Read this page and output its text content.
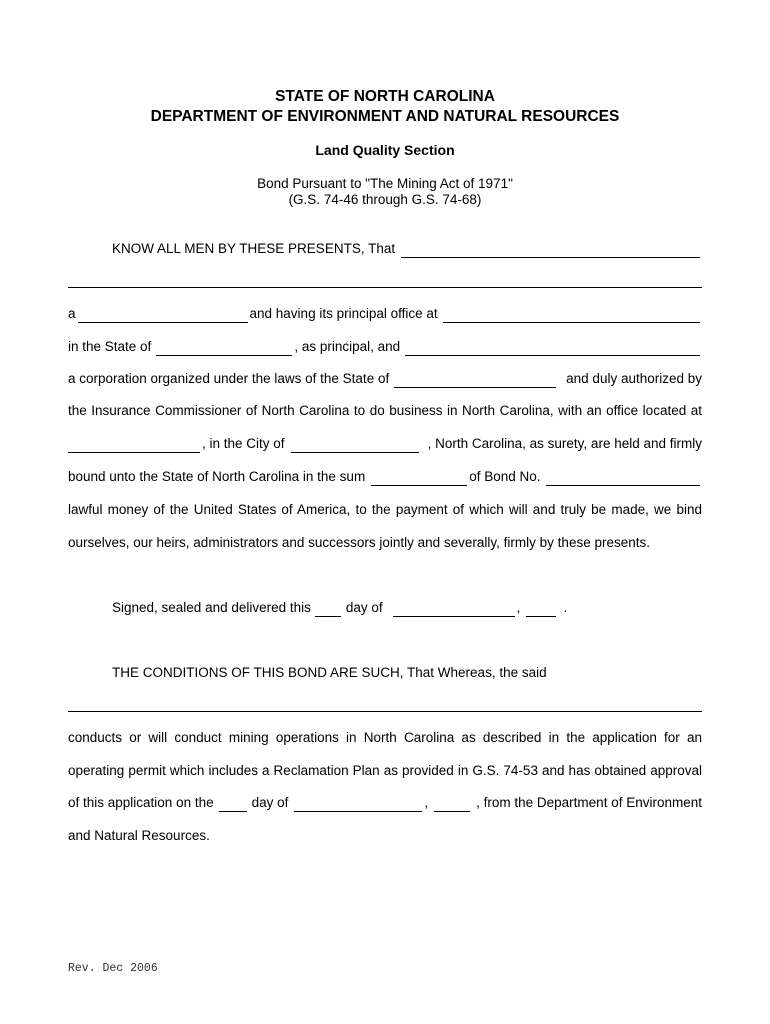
STATE OF NORTH CAROLINA
DEPARTMENT OF ENVIRONMENT AND NATURAL RESOURCES
Land Quality Section
Bond Pursuant to "The Mining Act of 1971"
(G.S. 74-46 through G.S. 74-68)
KNOW ALL MEN BY THESE PRESENTS, That
a	and having its principal office at
in the State of	, as principal, and
a corporation organized under the laws of the State of	and duly authorized by
the Insurance Commissioner of North Carolina to do business in North Carolina, with an office located at
, in the City of	, North Carolina, as surety, are held and firmly
bound unto the State of North Carolina in the sum	of Bond No.
lawful money of the United States of America, to the payment of which will and truly be made, we bind
ourselves, our heirs, administrators and successors jointly and severally, firmly by these presents.
Signed, sealed and delivered this	day of	,	.
THE CONDITIONS OF THIS BOND ARE SUCH, That Whereas, the said
conducts or will conduct mining operations in North Carolina as described in the application for an
operating permit which includes a Reclamation Plan as provided in G.S. 74-53 and has obtained approval
of this application on the	day of	,	, from the Department of Environment
and Natural Resources.
Rev. Dec 2006
